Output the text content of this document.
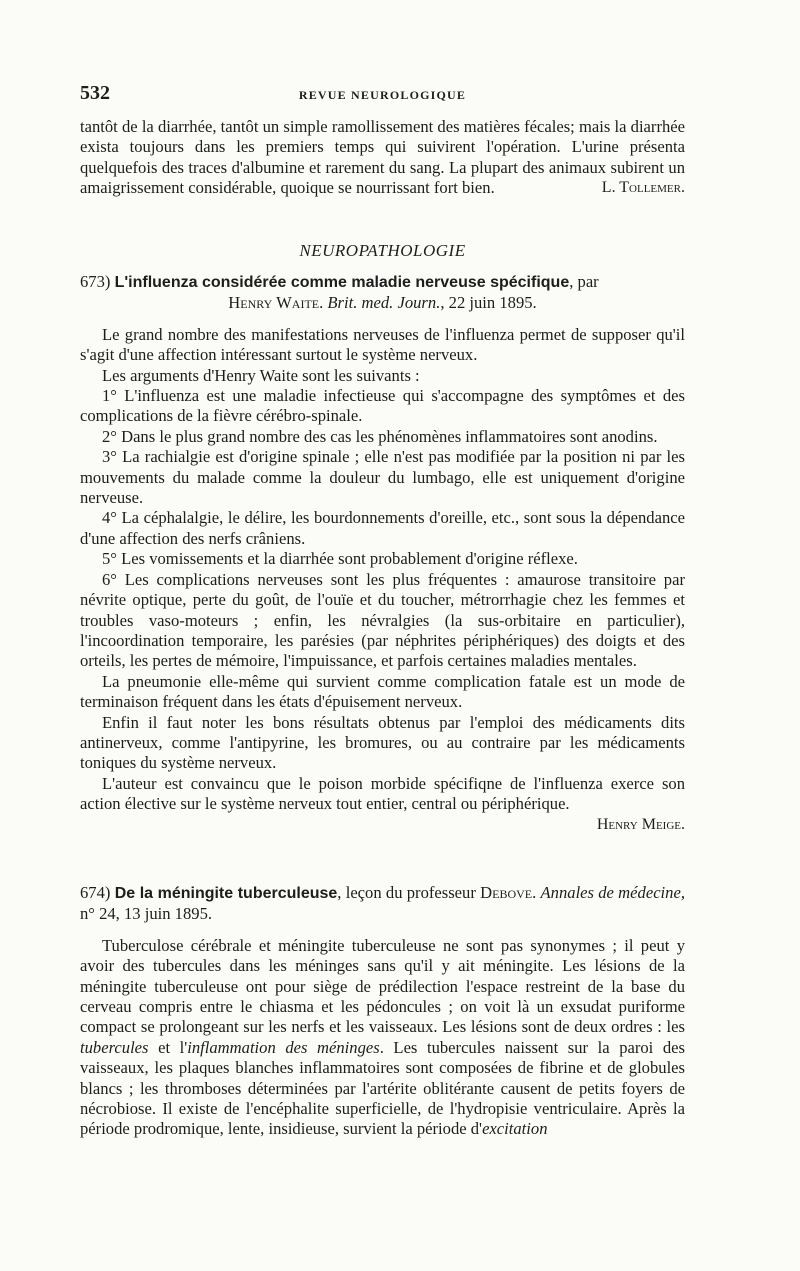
532	REVUE NEUROLOGIQUE

tantôt de la diarrhée, tantôt un simple ramollissement des matières fécales; mais la diarrhée exista toujours dans les premiers temps qui suivirent l'opération. L'urine présenta quelquefois des traces d'albumine et rarement du sang. La plupart des animaux subirent un amaigrissement considérable, quoique se nourrissant fort bien.	L. Tollemer.

NEUROPATHOLOGIE

673) L'influenza considérée comme maladie nerveuse spécifique, par

Henry Waite. Brit. med. Journ., 22 juin 1895.

Le grand nombre des manifestations nerveuses de l'influenza permet de supposer qu'il s'agit d'une affection intéressant surtout le système nerveux.

Les arguments d'Henry Waite sont les suivants :

1° L'influenza est une maladie infectieuse qui s'accompagne des symptômes et des complications de la fièvre cérébro-spinale.

2° Dans le plus grand nombre des cas les phénomènes inflammatoires sont anodins.

3° La rachialgie est d'origine spinale ; elle n'est pas modifiée par la position ni par les mouvements du malade comme la douleur du lumbago, elle est uniquement d'origine nerveuse.

4° La céphalalgie, le délire, les bourdonnements d'oreille, etc., sont sous la dépendance d'une affection des nerfs crâniens.

5° Les vomissements et la diarrhée sont probablement d'origine réflexe.

6° Les complications nerveuses sont les plus fréquentes : amaurose transitoire par névrite optique, perte du goût, de l'ouïe et du toucher, métrorrhagie chez les femmes et troubles vaso-moteurs ; enfin, les névralgies (la sus-orbitaire en particulier), l'incoordination temporaire, les parésies (par néphrites périphériques) des doigts et des orteils, les pertes de mémoire, l'impuissance, et parfois certaines maladies mentales.

La pneumonie elle-même qui survient comme complication fatale est un mode de terminaison fréquent dans les états d'épuisement nerveux.

Enfin il faut noter les bons résultats obtenus par l'emploi des médicaments dits antinerveux, comme l'antipyrine, les bromures, ou au contraire par les médicaments toniques du système nerveux.

L'auteur est convaincu que le poison morbide spécifiqne de l'influenza exerce son action élective sur le système nerveux tout entier, central ou périphérique.

Henry Meige.

674) De la méningite tuberculeuse, leçon du professeur Debove. Annales de médecine, n° 24, 13 juin 1895.

Tuberculose cérébrale et méningite tuberculeuse ne sont pas synonymes ; il peut y avoir des tubercules dans les méninges sans qu'il y ait méningite. Les lésions de la méningite tuberculeuse ont pour siège de prédilection l'espace restreint de la base du cerveau compris entre le chiasma et les pédoncules ; on voit là un exsudat puriforme compact se prolongeant sur les nerfs et les vaisseaux. Les lésions sont de deux ordres : les tubercules et l'inflammation des méninges. Les tubercules naissent sur la paroi des vaisseaux, les plaques blanches inflammatoires sont composées de fibrine et de globules blancs ; les thromboses déterminées par l'artérite oblitérante causent de petits foyers de nécrobiose. Il existe de l'encéphalite superficielle, de l'hydropisie ventriculaire. Après la période prodromique, lente, insidieuse, survient la période d'excitation
